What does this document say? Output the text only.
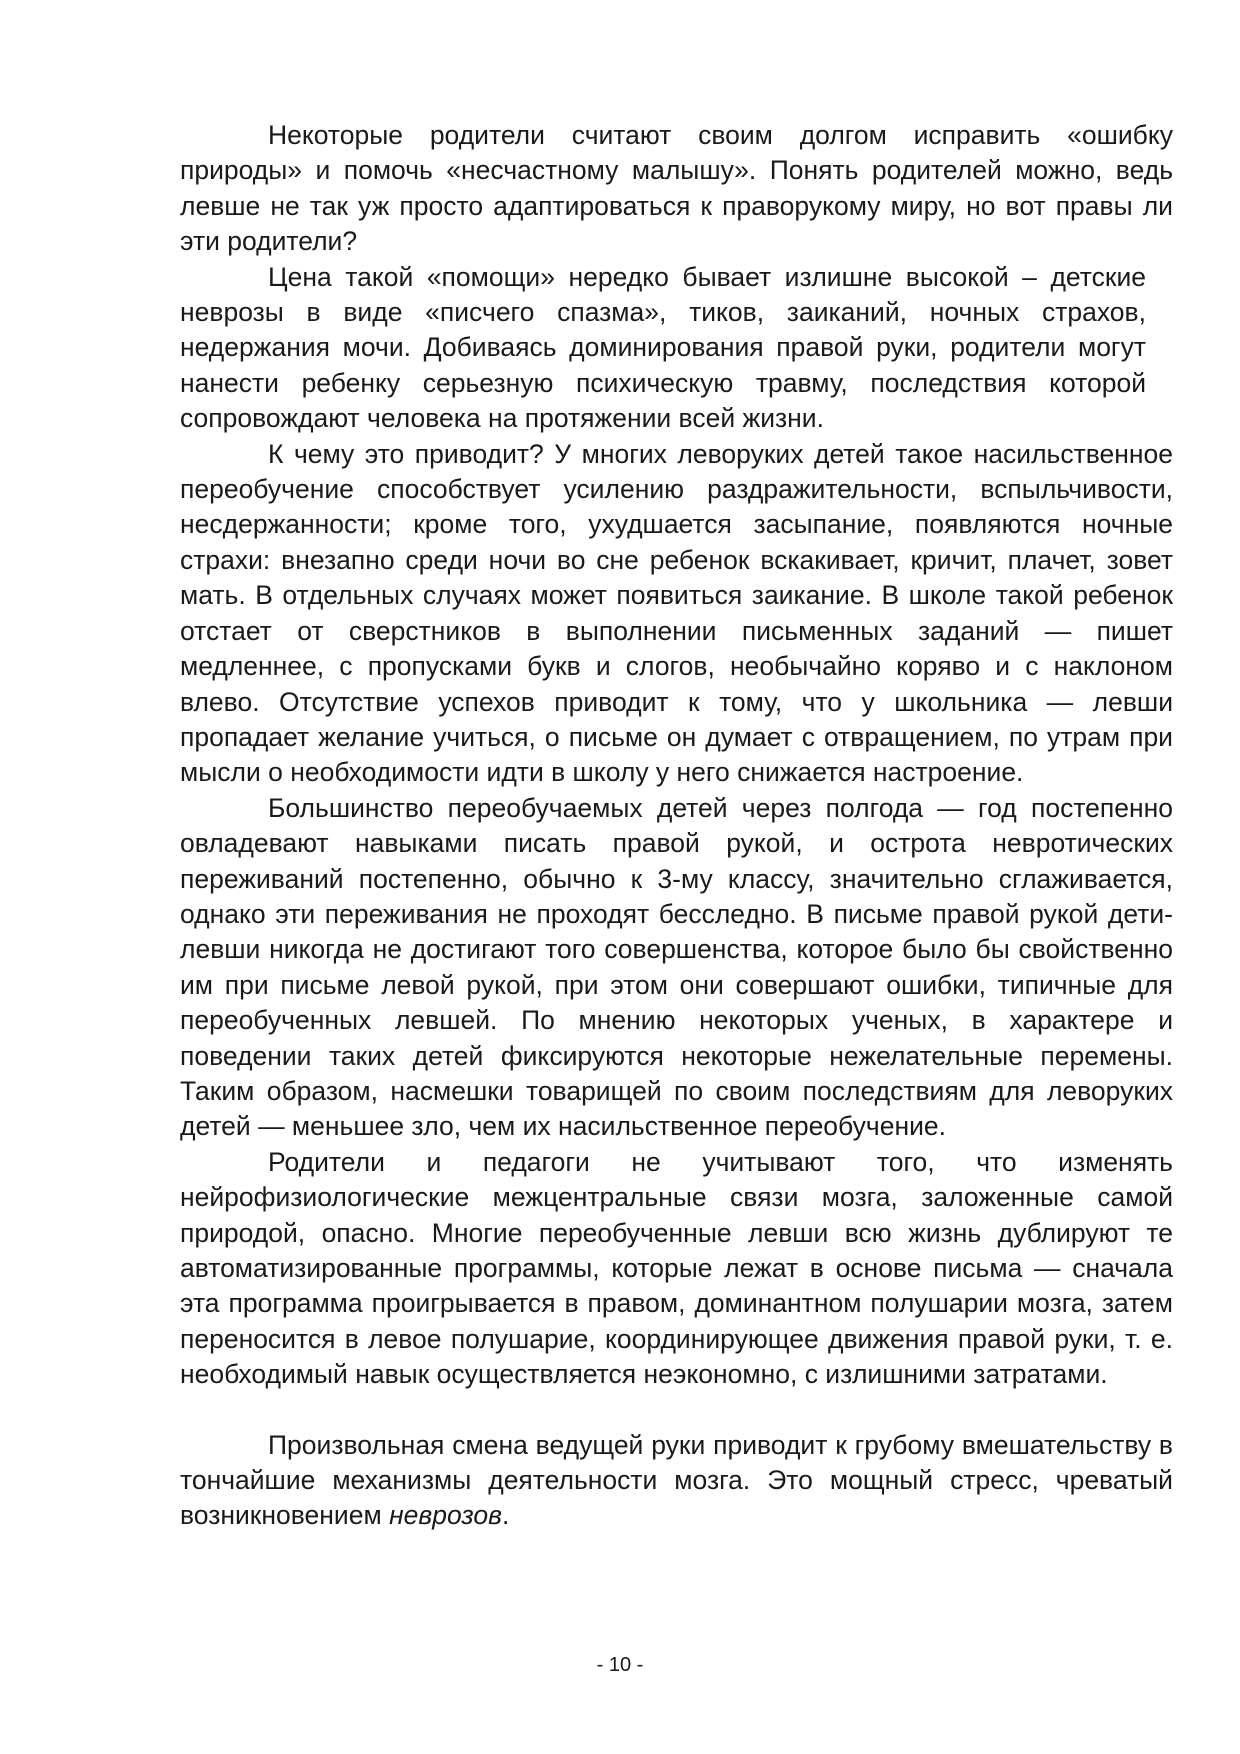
Некоторые родители считают своим долгом исправить «ошибку природы» и помочь «несчастному малышу». Понять родителей можно, ведь левше не так уж просто адаптироваться к праворукому миру, но вот правы ли эти родители?

Цена такой «помощи» нередко бывает излишне высокой – детские неврозы в виде «писчего спазма», тиков, заиканий, ночных страхов, недержания мочи. Добиваясь доминирования правой руки, родители могут нанести ребенку серьезную психическую травму, последствия которой сопровождают человека на протяжении всей жизни.

К чему это приводит? У многих леворуких детей такое насильственное переобучение способствует усилению раздражительности, вспыльчивости, несдержанности; кроме того, ухудшается засыпание, появляются ночные страхи: внезапно среди ночи во сне ребенок вскакивает, кричит, плачет, зовет мать. В отдельных случаях может появиться заикание. В школе такой ребенок отстает от сверстников в выполнении письменных заданий — пишет медленнее, с пропусками букв и слогов, необычайно коряво и с наклоном влево. Отсутствие успехов приводит к тому, что у школьника — левши пропадает желание учиться, о письме он думает с отвращением, по утрам при мысли о необходимости идти в школу у него снижается настроение.

Большинство переобучаемых детей через полгода — год постепенно овладевают навыками писать правой рукой, и острота невротических переживаний постепенно, обычно к 3-му классу, значительно сглаживается, однако эти переживания не проходят бесследно. В письме правой рукой дети-левши никогда не достигают того совершенства, которое было бы свойственно им при письме левой рукой, при этом они совершают ошибки, типичные для переобученных левшей. По мнению некоторых ученых, в характере и поведении таких детей фиксируются некоторые нежелательные перемены. Таким образом, насмешки товарищей по своим последствиям для леворуких детей — меньшее зло, чем их насильственное переобучение.

Родители и педагоги не учитывают того, что изменять нейрофизиологические межцентральные связи мозга, заложенные самой природой, опасно. Многие переобученные левши всю жизнь дублируют те автоматизированные программы, которые лежат в основе письма — сначала эта программа проигрывается в правом, доминантном полушарии мозга, затем переносится в левое полушарие, координирующее движения правой руки, т. е. необходимый навык осуществляется неэкономно, с излишними затратами.

Произвольная смена ведущей руки приводит к грубому вмешательству в тончайшие механизмы деятельности мозга. Это мощный стресс, чреватый возникновением неврозов.

- 10 -
